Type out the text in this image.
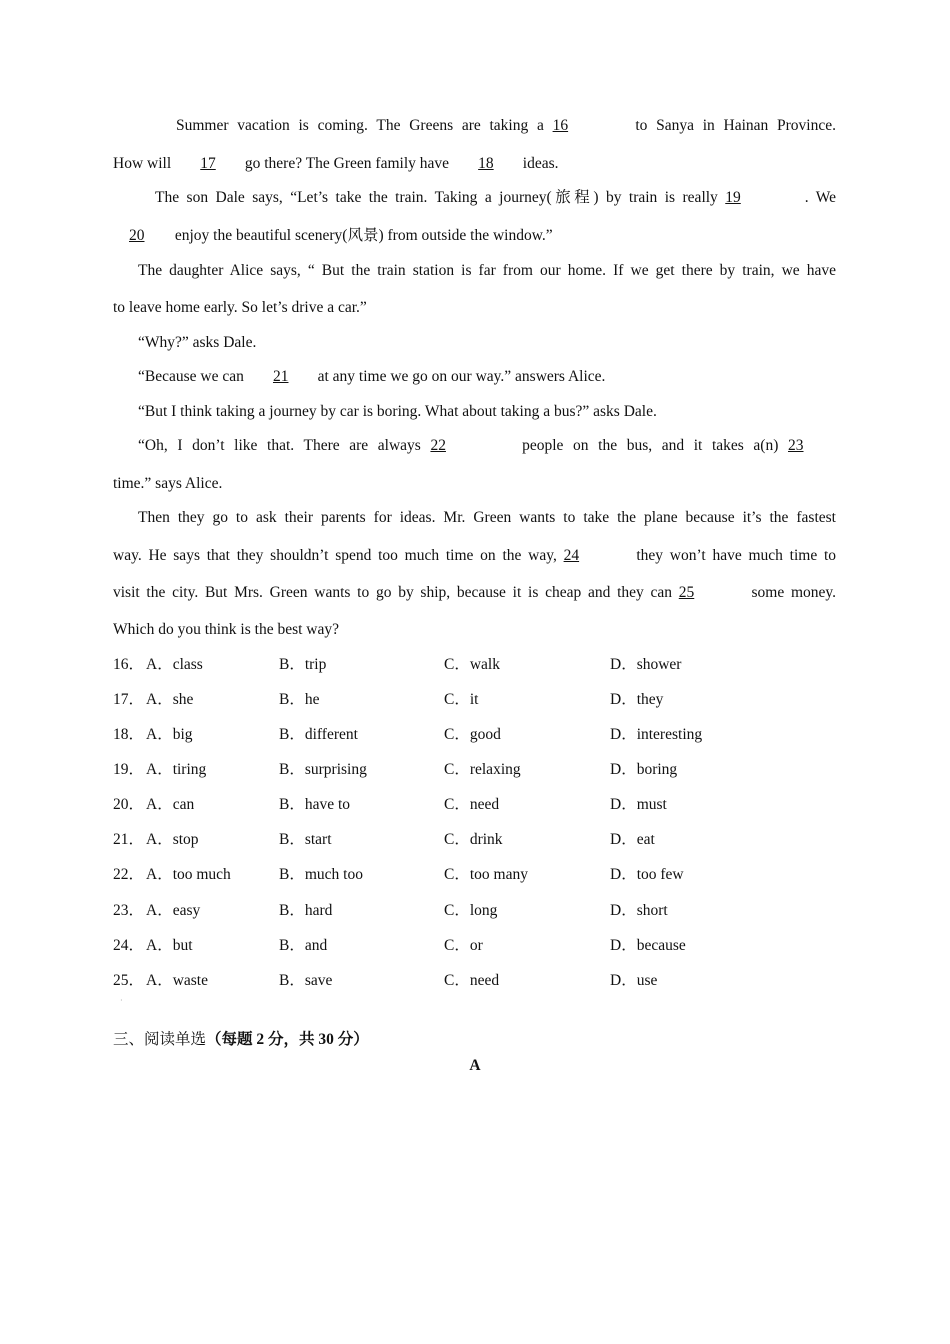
Summer vacation is coming. The Greens are taking a 16	to Sanya in Hainan Province.
How will 17 go there? The Green family have 18 ideas.
The son Dale says, “Let’s take the train. Taking a journey(旅程) by train is really 19	. We
20 enjoy the beautiful scenery(风景) from outside the window.”
The daughter Alice says, “ But the train station is far from our home. If we get there by train, we have
to leave home early. So let’s drive a car.”
“Why?” asks Dale.
“Because we can 21 at any time we go on our way.” answers Alice.
“But I think taking a journey by car is boring. What about taking a bus?” asks Dale.
“Oh, I don’t like that. There are always 22	people on the bus, and it takes a(n) 23
time.” says Alice.
Then they go to ask their parents for ideas. Mr. Green wants to take the plane because it’s the fastest
way. He says that they shouldn’t spend too much time on the way, 24	they won’t have much time to
visit the city. But Mrs. Green wants to go by ship, because it is cheap and they can 25	some money.
Which do you think is the best way?
16． A．class	B．trip	C．walk	D．shower
17． A．she	B．he	C．it	D．they
18． A．big	B．different	C．good	D．interesting
19． A．tiring	B．surprising	C．relaxing	D．boring
20． A．can	B．have to	C．need	D．must
21． A．stop	B．start	C．drink	D．eat
22． A．too much	B．much too	C．too many	D．too few
23． A．easy	B．hard	C．long	D．short
24． A．but	B．and	C．or	D．because
25． A．waste	B．save	C．need	D．use
·
三、阅读单选（每题 2 分，共 30 分）
A
